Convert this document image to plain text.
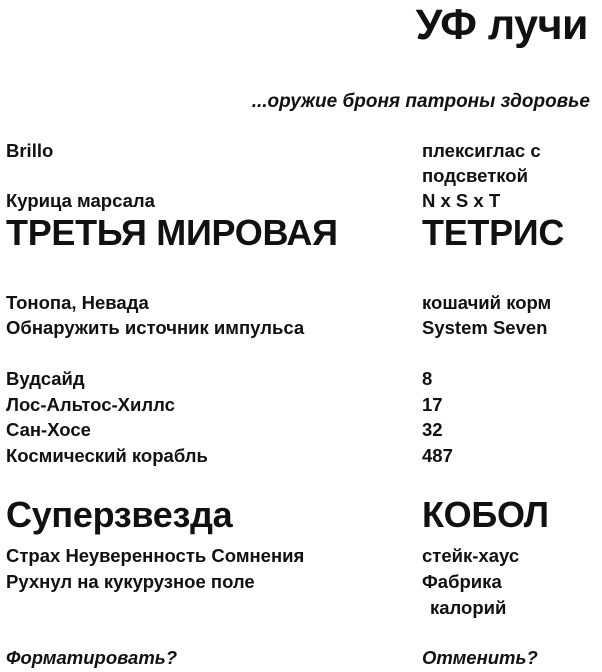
УФ лучи
...оружие броня патроны здоровье
Brillo
Курица марсала
плексиглас с
подсветкой
N x S x T
ТРЕТЬЯ МИРОВАЯ ТЕТРИС
Тонопа, Невада
Обнаружить источник импульса
кошачий корм
System Seven
Вудсайд
Лос-Альтос-Хиллс
Сан-Хосе
Космический корабль
8
17
32
487
Суперзвезда	КОБОЛ
Страх Неуверенность Сомнения
Рухнул на кукурузное поле
стейк-хаус
Фабрика
калорий
Форматировать?	Отменить?
